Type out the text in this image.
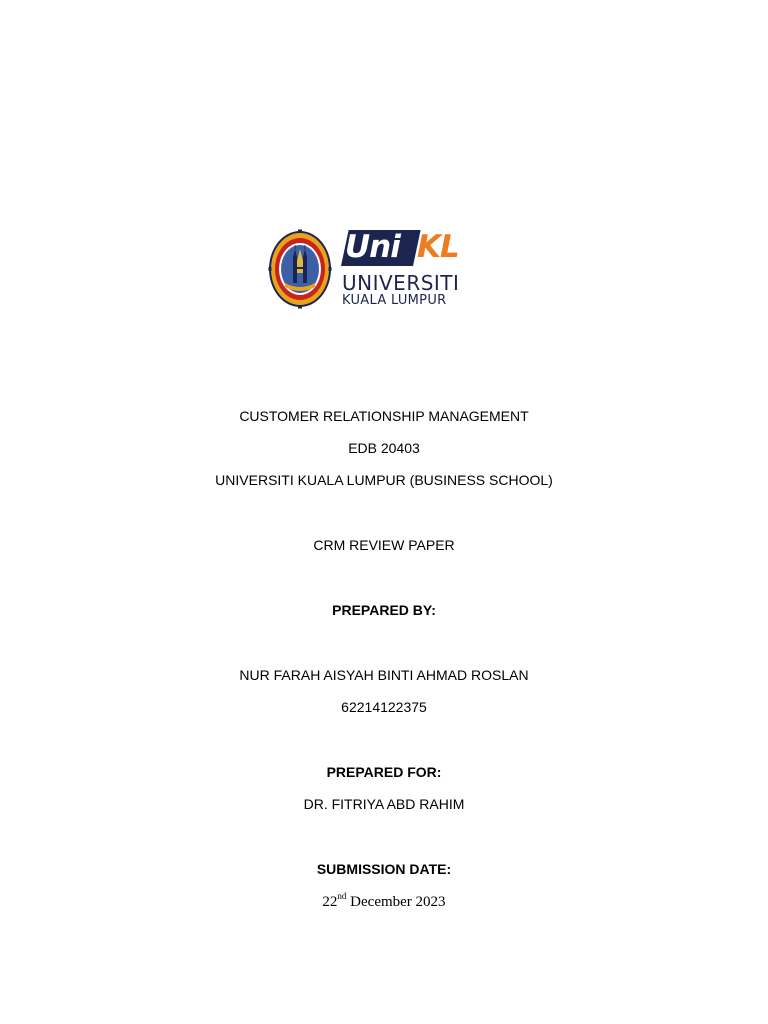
Uni KL
UNIVERSITI
KUALA LUMPUR
CUSTOMER RELATIONSHIP MANAGEMENT
EDB 20403
UNIVERSITI KUALA LUMPUR (BUSINESS SCHOOL)
CRM REVIEW PAPER
PREPARED BY:
NUR FARAH AISYAH BINTI AHMAD ROSLAN
62214122375
PREPARED FOR:
DR. FITRIYA ABD RAHIM
SUBMISSION DATE:
22nd December 2023
